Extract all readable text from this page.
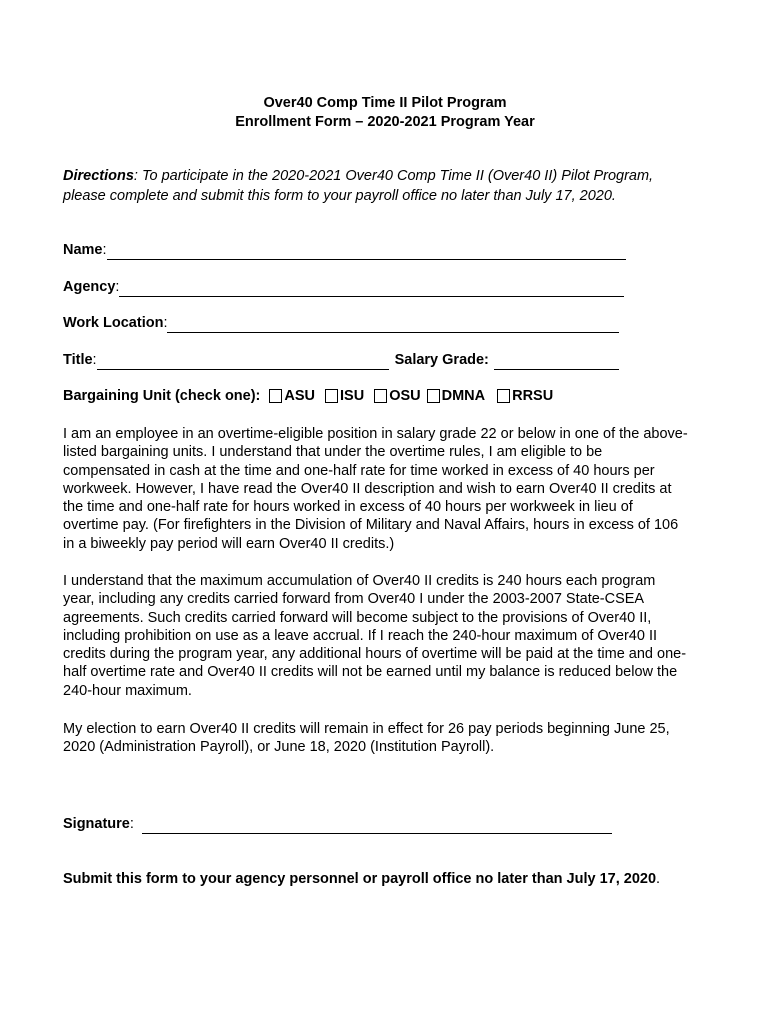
Over40 Comp Time II Pilot Program
Enrollment Form – 2020-2021 Program Year
Directions: To participate in the 2020-2021 Over40 Comp Time II (Over40 II) Pilot Program, please complete and submit this form to your payroll office no later than July 17, 2020.
Name:
Agency:
Work Location:
Title:	Salary Grade:
Bargaining Unit (check one): ASU ISU OSU DMNA RRSU
I am an employee in an overtime-eligible position in salary grade 22 or below in one of the above-listed bargaining units. I understand that under the overtime rules, I am eligible to be compensated in cash at the time and one-half rate for time worked in excess of 40 hours per workweek. However, I have read the Over40 II description and wish to earn Over40 II credits at the time and one-half rate for hours worked in excess of 40 hours per workweek in lieu of overtime pay. (For firefighters in the Division of Military and Naval Affairs, hours in excess of 106 in a biweekly pay period will earn Over40 II credits.)
I understand that the maximum accumulation of Over40 II credits is 240 hours each program year, including any credits carried forward from Over40 I under the 2003-2007 State-CSEA agreements. Such credits carried forward will become subject to the provisions of Over40 II, including prohibition on use as a leave accrual. If I reach the 240-hour maximum of Over40 II credits during the program year, any additional hours of overtime will be paid at the time and one-half overtime rate and Over40 II credits will not be earned until my balance is reduced below the 240-hour maximum.
My election to earn Over40 II credits will remain in effect for 26 pay periods beginning June 25, 2020 (Administration Payroll), or June 18, 2020 (Institution Payroll).
Signature:
Submit this form to your agency personnel or payroll office no later than July 17, 2020.
